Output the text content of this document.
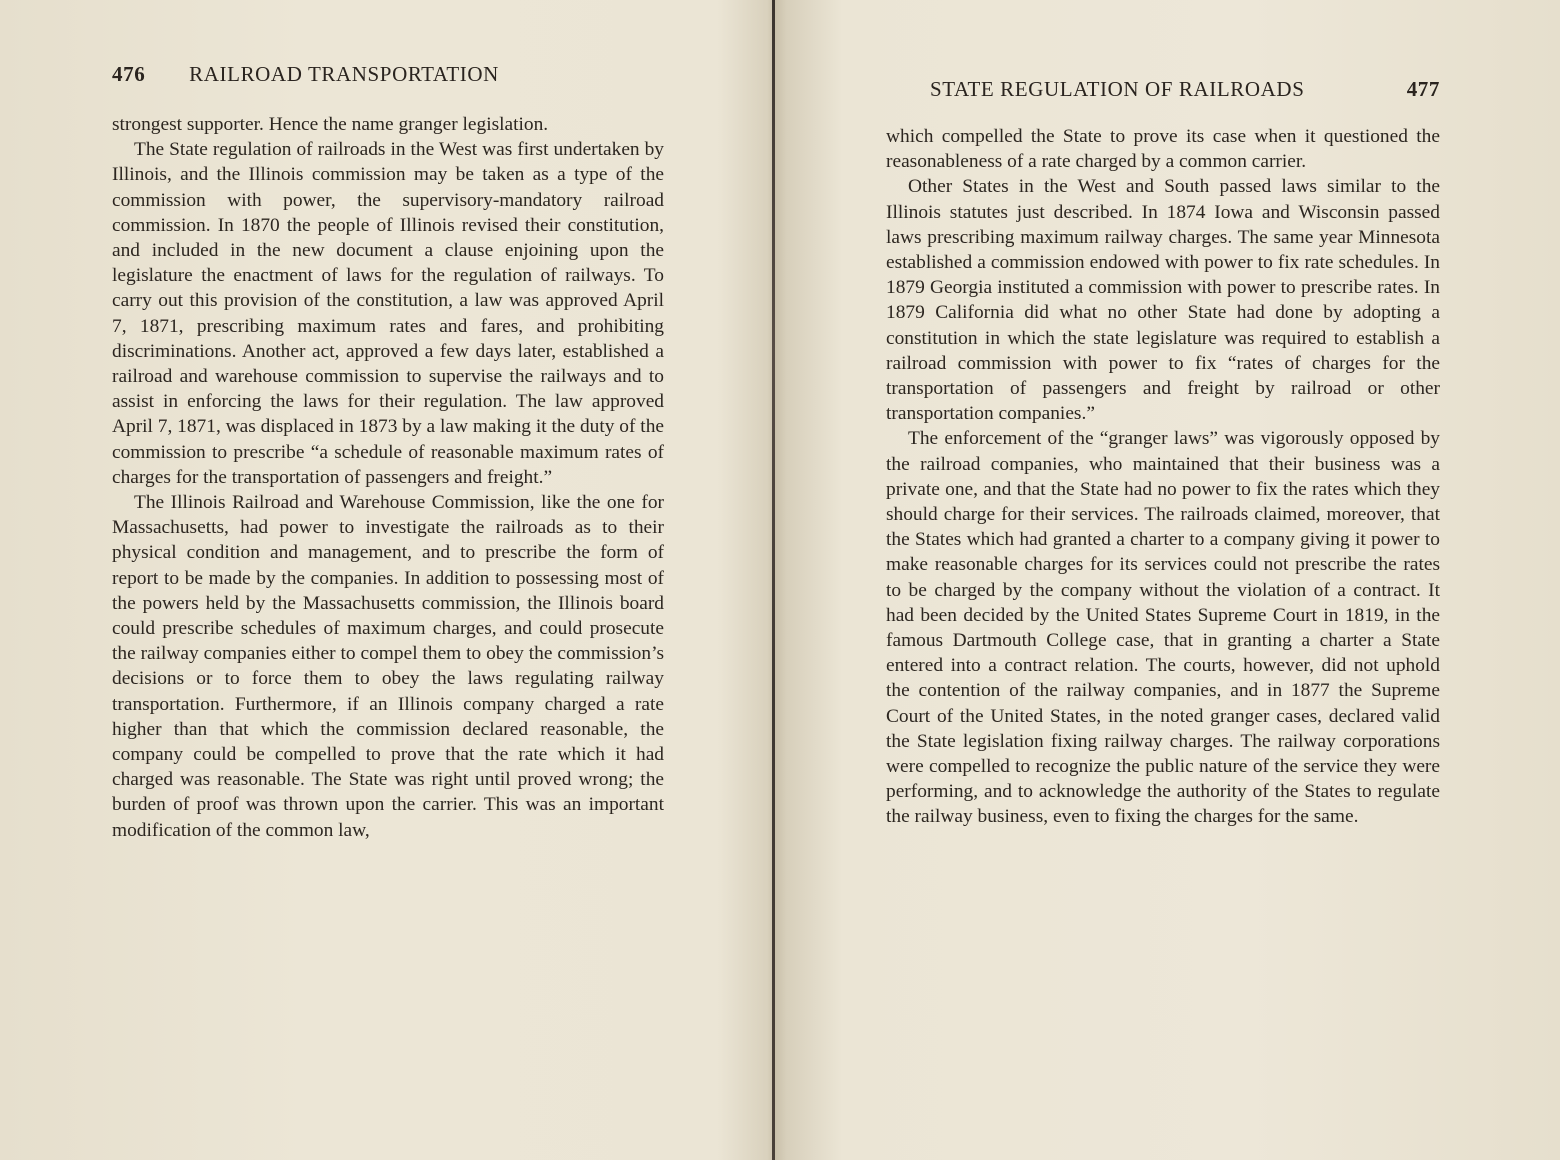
476 RAILROAD TRANSPORTATION

strongest supporter. Hence the name granger legislation.

The State regulation of railroads in the West was first undertaken by Illinois, and the Illinois commission may be taken as a type of the commission with power, the supervisory-mandatory railroad commission. In 1870 the people of Illinois revised their constitution, and included in the new document a clause enjoining upon the legislature the enactment of laws for the regulation of railways. To carry out this provision of the constitution, a law was approved April 7, 1871, prescribing maximum rates and fares, and prohibiting discriminations. Another act, approved a few days later, established a railroad and warehouse commission to supervise the railways and to assist in enforcing the laws for their regulation. The law approved April 7, 1871, was displaced in 1873 by a law making it the duty of the commission to prescribe “a schedule of reasonable maximum rates of charges for the transportation of passengers and freight.”

The Illinois Railroad and Warehouse Commission, like the one for Massachusetts, had power to investigate the railroads as to their physical condition and management, and to prescribe the form of report to be made by the companies. In addition to possessing most of the powers held by the Massachusetts commission, the Illinois board could prescribe schedules of maximum charges, and could prosecute the railway companies either to compel them to obey the commission’s decisions or to force them to obey the laws regulating railway transportation. Furthermore, if an Illinois company charged a rate higher than that which the commission declared reasonable, the company could be compelled to prove that the rate which it had charged was reasonable. The State was right until proved wrong; the burden of proof was thrown upon the carrier. This was an important modification of the common law,

STATE REGULATION OF RAILROADS	477

which compelled the State to prove its case when it questioned the reasonableness of a rate charged by a common carrier.

Other States in the West and South passed laws similar to the Illinois statutes just described. In 1874 Iowa and Wisconsin passed laws prescribing maximum railway charges. The same year Minnesota established a commission endowed with power to fix rate schedules. In 1879 Georgia instituted a commission with power to prescribe rates. In 1879 California did what no other State had done by adopting a constitution in which the state legislature was required to establish a railroad commission with power to fix “rates of charges for the transportation of passengers and freight by railroad or other transportation companies.”

The enforcement of the “granger laws” was vigorously opposed by the railroad companies, who maintained that their business was a private one, and that the State had no power to fix the rates which they should charge for their services. The railroads claimed, moreover, that the States which had granted a charter to a company giving it power to make reasonable charges for its services could not prescribe the rates to be charged by the company without the violation of a contract. It had been decided by the United States Supreme Court in 1819, in the famous Dartmouth College case, that in granting a charter a State entered into a contract relation. The courts, however, did not uphold the contention of the railway companies, and in 1877 the Supreme Court of the United States, in the noted granger cases, declared valid the State legislation fixing railway charges. The railway corporations were compelled to recognize the public nature of the service they were performing, and to acknowledge the authority of the States to regulate the railway business, even to fixing the charges for the same.
